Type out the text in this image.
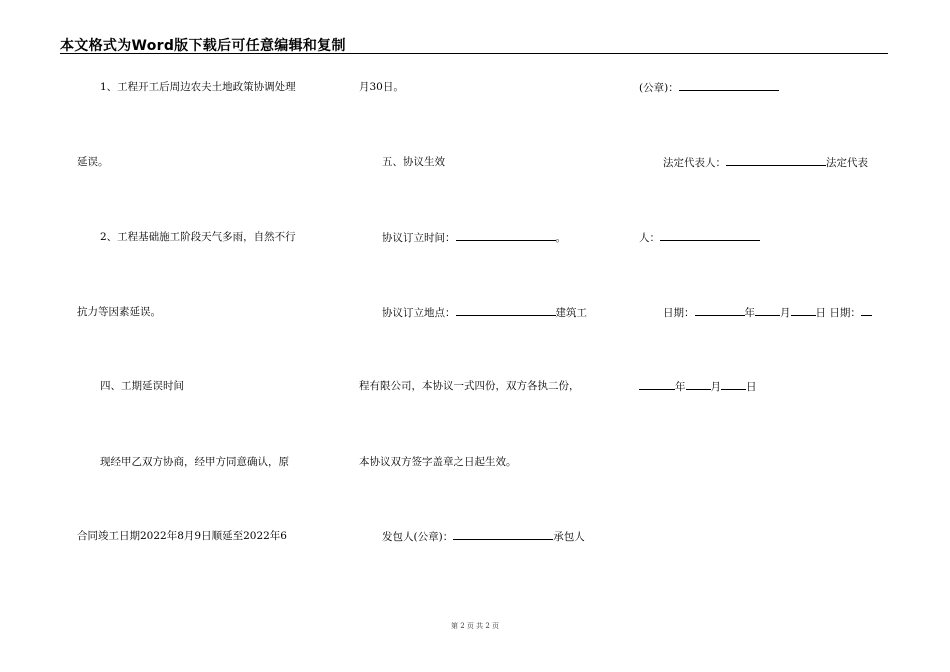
本文格式为Word版下载后可任意编辑和复制
1、工程开工后周边农夫土地政策协调处理
延误。
2、工程基础施工阶段天气多雨，自然不行
抗力等因素延误。
四、工期延误时间
现经甲乙双方协商，经甲方同意确认，原
合同竣工日期2022年8月9日顺延至2022年6
月30日。
五、协议生效
协议订立时间：	。
协议订立地点：	建筑工
程有限公司，本协议一式四份，双方各执二份，
本协议双方签字盖章之日起生效。
发包人(公章)：	承包人
(公章)：
法定代表人：	法定代表
人：
日期：	年 月 日 日期：
年 月 日
第 2 页 共 2 页
